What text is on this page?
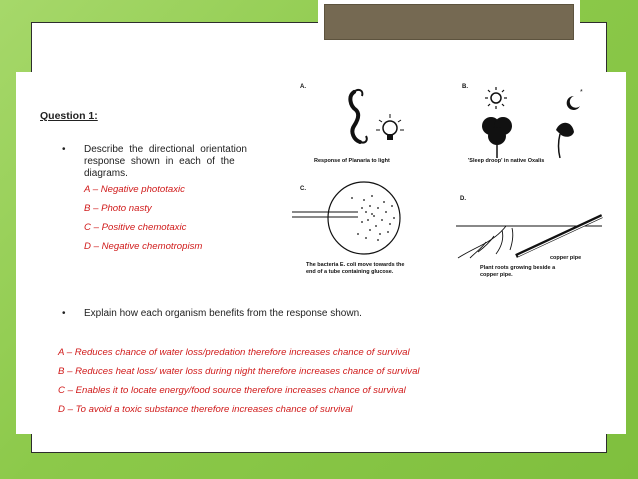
Question 1:
• Describe the directional orientation
response shown in each of the
diagrams.
A – Negative phototaxic
B – Photo nasty
C – Positive chemotaxic
D – Negative chemotropism
• Explain how each organism benefits from the response shown.
A – Reduces chance of water loss/predation therefore increases chance of survival
B – Reduces heat loss/ water loss during night therefore increases chance of survival
C – Enables it to locate energy/food source therefore increases chance of survival
D – To avoid a toxic substance therefore increases chance of survival
A.
Response of Planaria to light
B.
*
'Sleep droop' in native Oxalis
C.
The bacteria E. coli move towards the
end of a tube containing glucose.
D.
copper pipe
Plant roots growing beside a
copper pipe.
